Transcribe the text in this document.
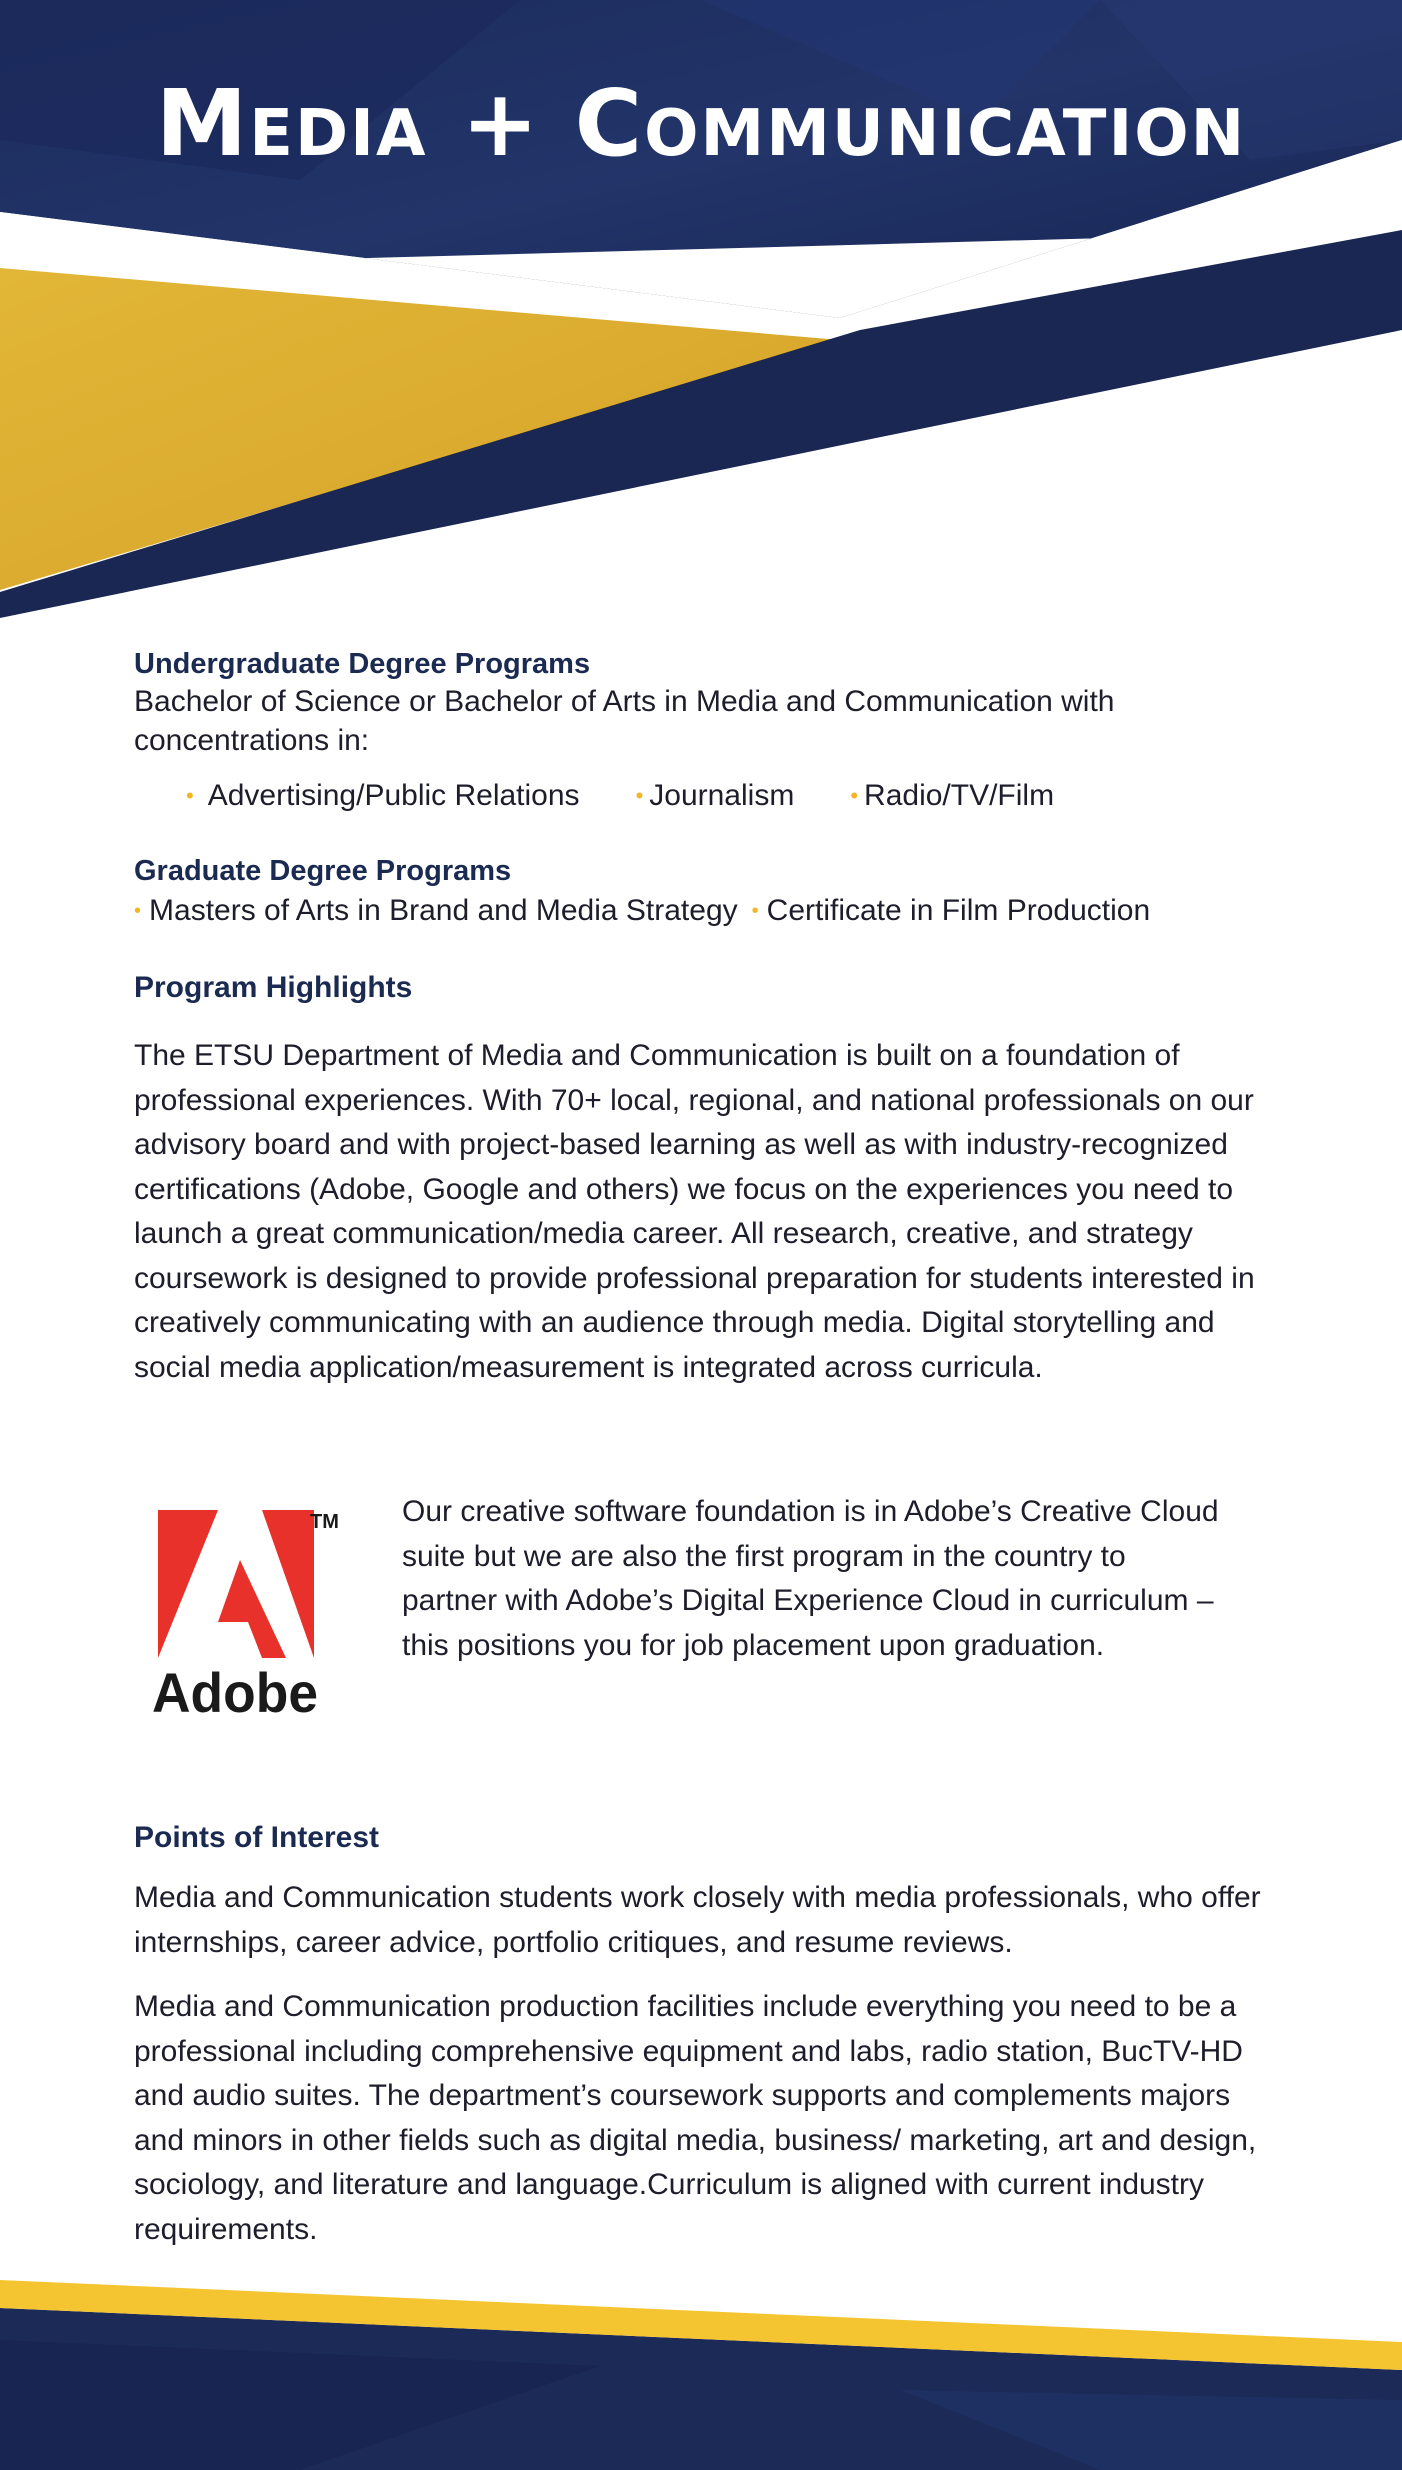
Media + Communication

Undergraduate Degree Programs

Bachelor of Science or Bachelor of Arts in Media and Communication with concentrations in:

• Advertising/Public Relations	• Journalism	• Radio/TV/Film

Graduate Degree Programs

• Masters of Arts in Brand and Media Strategy • Certificate in Film Production

Program Highlights

The ETSU Department of Media and Communication is built on a foundation of professional experiences. With 70+ local, regional, and national professionals on our advisory board and with project-based learning as well as with industry-recognized certifications (Adobe, Google and others) we focus on the experiences you need to launch a great communication/media career. All research, creative, and strategy coursework is designed to provide professional preparation for students interested in creatively communicating with an audience through media. Digital storytelling and social media application/measurement is integrated across curricula.

TM
Adobe

Our creative software foundation is in Adobe’s Creative Cloud suite but we are also the first program in the country to partner with Adobe’s Digital Experience Cloud in curriculum – this positions you for job placement upon graduation.

Points of Interest

Media and Communication students work closely with media professionals, who offer internships, career advice, portfolio critiques, and resume reviews.

Media and Communication production facilities include everything you need to be a professional including comprehensive equipment and labs, radio station, BucTV-HD and audio suites. The department’s coursework supports and complements majors and minors in other fields such as digital media, business/ marketing, art and design, sociology, and literature and language.Curriculum is aligned with current industry requirements.
